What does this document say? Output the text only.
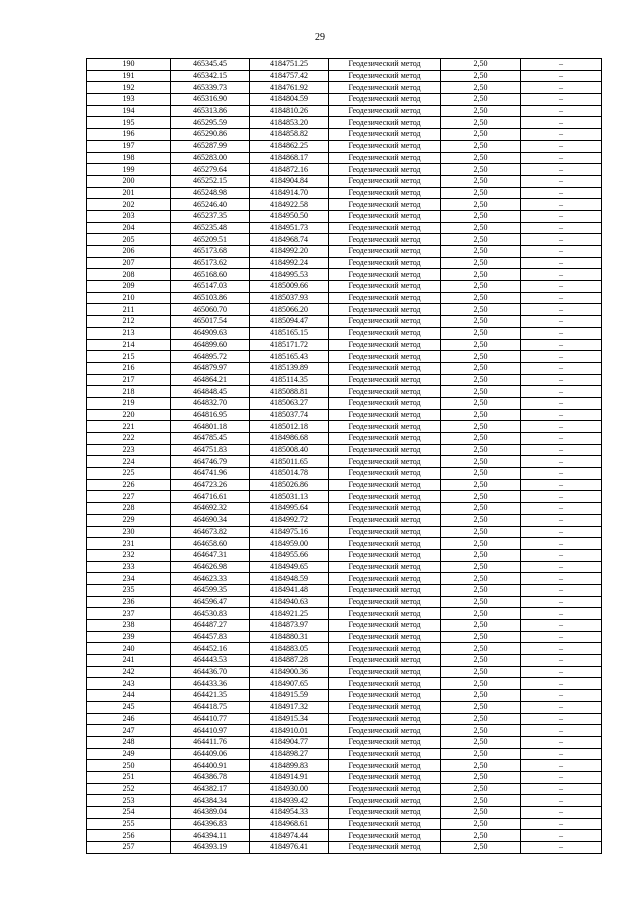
29
190	465345.45	4184751.25	Геодезический метод	2,50	–
191	465342.15	4184757.42	Геодезический метод	2,50	–
192	465339.73	4184761.92	Геодезический метод	2,50	–
193	465316.90	4184804.59	Геодезический метод	2,50	–
194	465313.86	4184810.26	Геодезический метод	2,50	–
195	465295.59	4184853.20	Геодезический метод	2,50	–
196	465290.86	4184858.82	Геодезический метод	2,50	–
197	465287.99	4184862.25	Геодезический метод	2,50	–
198	465283.00	4184868.17	Геодезический метод	2,50	–
199	465279.64	4184872.16	Геодезический метод	2,50	–
200	465252.15	4184904.84	Геодезический метод	2,50	–
201	465248.98	4184914.70	Геодезический метод	2,50	–
202	465246.40	4184922.58	Геодезический метод	2,50	–
203	465237.35	4184950.50	Геодезический метод	2,50	–
204	465235.48	4184951.73	Геодезический метод	2,50	–
205	465209.51	4184968.74	Геодезический метод	2,50	–
206	465173.68	4184992.20	Геодезический метод	2,50	–
207	465173.62	4184992.24	Геодезический метод	2,50	–
208	465168.60	4184995.53	Геодезический метод	2,50	–
209	465147.03	4185009.66	Геодезический метод	2,50	–
210	465103.86	4185037.93	Геодезический метод	2,50	–
211	465060.70	4185066.20	Геодезический метод	2,50	–
212	465017.54	4185094.47	Геодезический метод	2,50	–
213	464909.63	4185165.15	Геодезический метод	2,50	–
214	464899.60	4185171.72	Геодезический метод	2,50	–
215	464895.72	4185165.43	Геодезический метод	2,50	–
216	464879.97	4185139.89	Геодезический метод	2,50	–
217	464864.21	4185114.35	Геодезический метод	2,50	–
218	464848.45	4185088.81	Геодезический метод	2,50	–
219	464832.70	4185063.27	Геодезический метод	2,50	–
220	464816.95	4185037.74	Геодезический метод	2,50	–
221	464801.18	4185012.18	Геодезический метод	2,50	–
222	464785.45	4184986.68	Геодезический метод	2,50	–
223	464751.83	4185008.40	Геодезический метод	2,50	–
224	464746.79	4185011.65	Геодезический метод	2,50	–
225	464741.96	4185014.78	Геодезический метод	2,50	–
226	464723.26	4185026.86	Геодезический метод	2,50	–
227	464716.61	4185031.13	Геодезический метод	2,50	–
228	464692.32	4184995.64	Геодезический метод	2,50	–
229	464690.34	4184992.72	Геодезический метод	2,50	–
230	464673.82	4184975.16	Геодезический метод	2,50	–
231	464658.60	4184959.00	Геодезический метод	2,50	–
232	464647.31	4184955.66	Геодезический метод	2,50	–
233	464626.98	4184949.65	Геодезический метод	2,50	–
234	464623.33	4184948.59	Геодезический метод	2,50	–
235	464599.35	4184941.48	Геодезический метод	2,50	–
236	464596.47	4184940.63	Геодезический метод	2,50	–
237	464530.83	4184921.25	Геодезический метод	2,50	–
238	464487.27	4184873.97	Геодезический метод	2,50	–
239	464457.83	4184880.31	Геодезический метод	2,50	–
240	464452.16	4184883.05	Геодезический метод	2,50	–
241	464443.53	4184887.28	Геодезический метод	2,50	–
242	464436.70	4184900.36	Геодезический метод	2,50	–
243	464433.36	4184907.65	Геодезический метод	2,50	–
244	464421.35	4184915.59	Геодезический метод	2,50	–
245	464418.75	4184917.32	Геодезический метод	2,50	–
246	464410.77	4184915.34	Геодезический метод	2,50	–
247	464410.97	4184910.01	Геодезический метод	2,50	–
248	464411.76	4184904.77	Геодезический метод	2,50	–
249	464409.06	4184898.27	Геодезический метод	2,50	–
250	464400.91	4184899.83	Геодезический метод	2,50	–
251	464386.78	4184914.91	Геодезический метод	2,50	–
252	464382.17	4184930.00	Геодезический метод	2,50	–
253	464384.34	4184939.42	Геодезический метод	2,50	–
254	464389.04	4184954.33	Геодезический метод	2,50	–
255	464396.83	4184968.61	Геодезический метод	2,50	–
256	464394.11	4184974.44	Геодезический метод	2,50	–
257	464393.19	4184976.41	Геодезический метод	2,50	–
